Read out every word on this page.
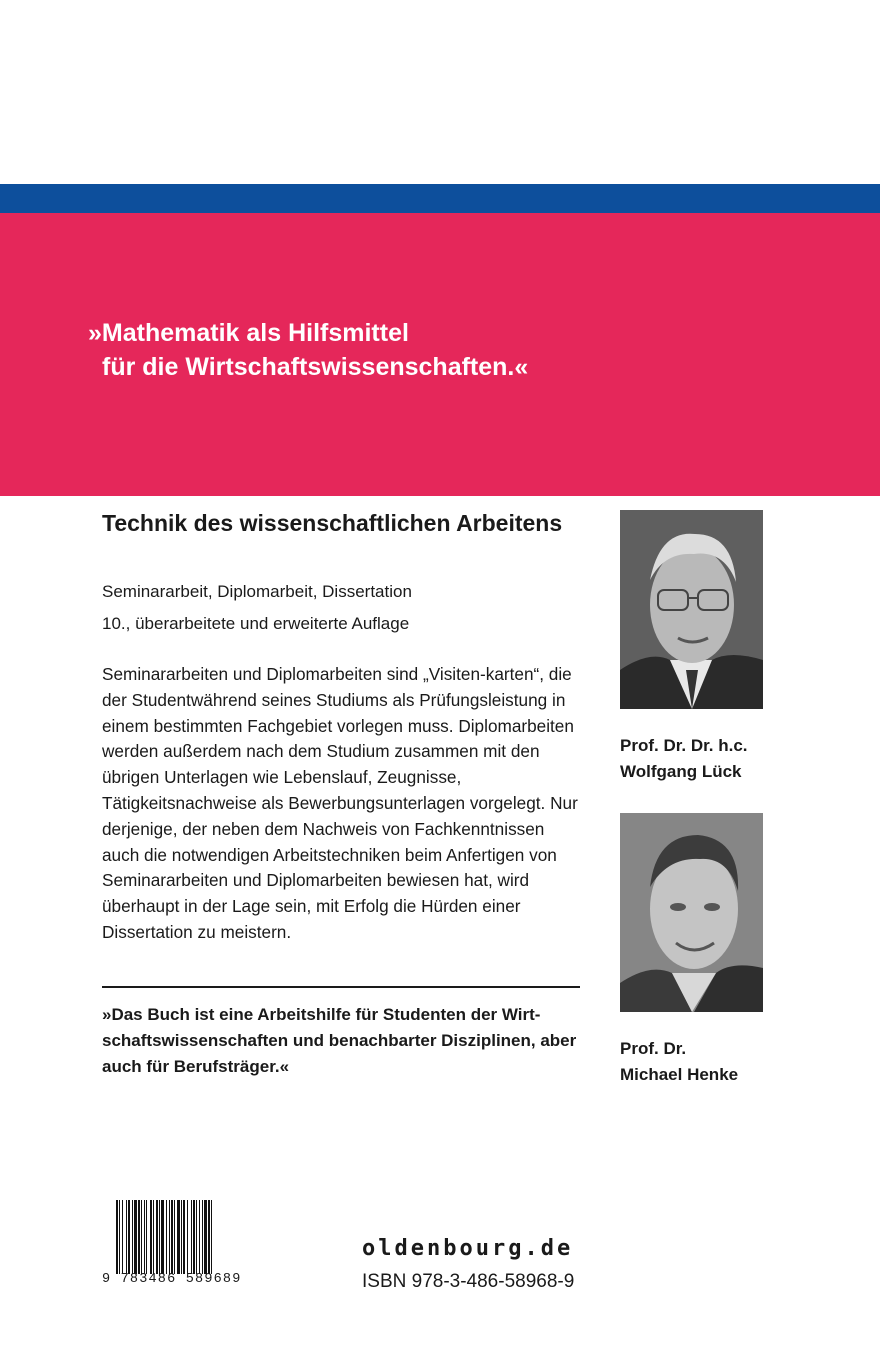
»Mathematik als Hilfsmittel
für die Wirtschaftswissenschaften.«

Technik des wissenschaftlichen Arbeitens

Seminararbeit, Diplomarbeit, Dissertation

10., überarbeitete und erweiterte Auflage

Seminararbeiten und Diplomarbeiten sind „Visiten-karten“, die der Studentwährend seines Studiums als Prüfungsleistung in einem bestimmten Fachgebiet vorlegen muss. Diplomarbeiten werden außerdem nach dem Studium zusammen mit den übrigen Unterlagen wie Lebenslauf, Zeugnisse, Tätigkeitsnachweise als Bewerbungsunterlagen vorgelegt. Nur derjenige, der neben dem Nachweis von Fachkenntnissen auch die notwendigen Arbeitstechniken beim Anfertigen von Seminararbeiten und Diplomarbeiten bewiesen hat, wird überhaupt in der Lage sein, mit Erfolg die Hürden einer Dissertation zu meistern.

»Das Buch ist eine Arbeitshilfe für Studenten der Wirt-schaftswissenschaften und benachbarter Disziplinen, aber auch für Berufsträger.«

Prof. Dr. Dr. h.c.
Wolfgang Lück

Prof. Dr.
Michael Henke

9 783486 589689

oldenbourg.de

ISBN 978-3-486-58968-9
